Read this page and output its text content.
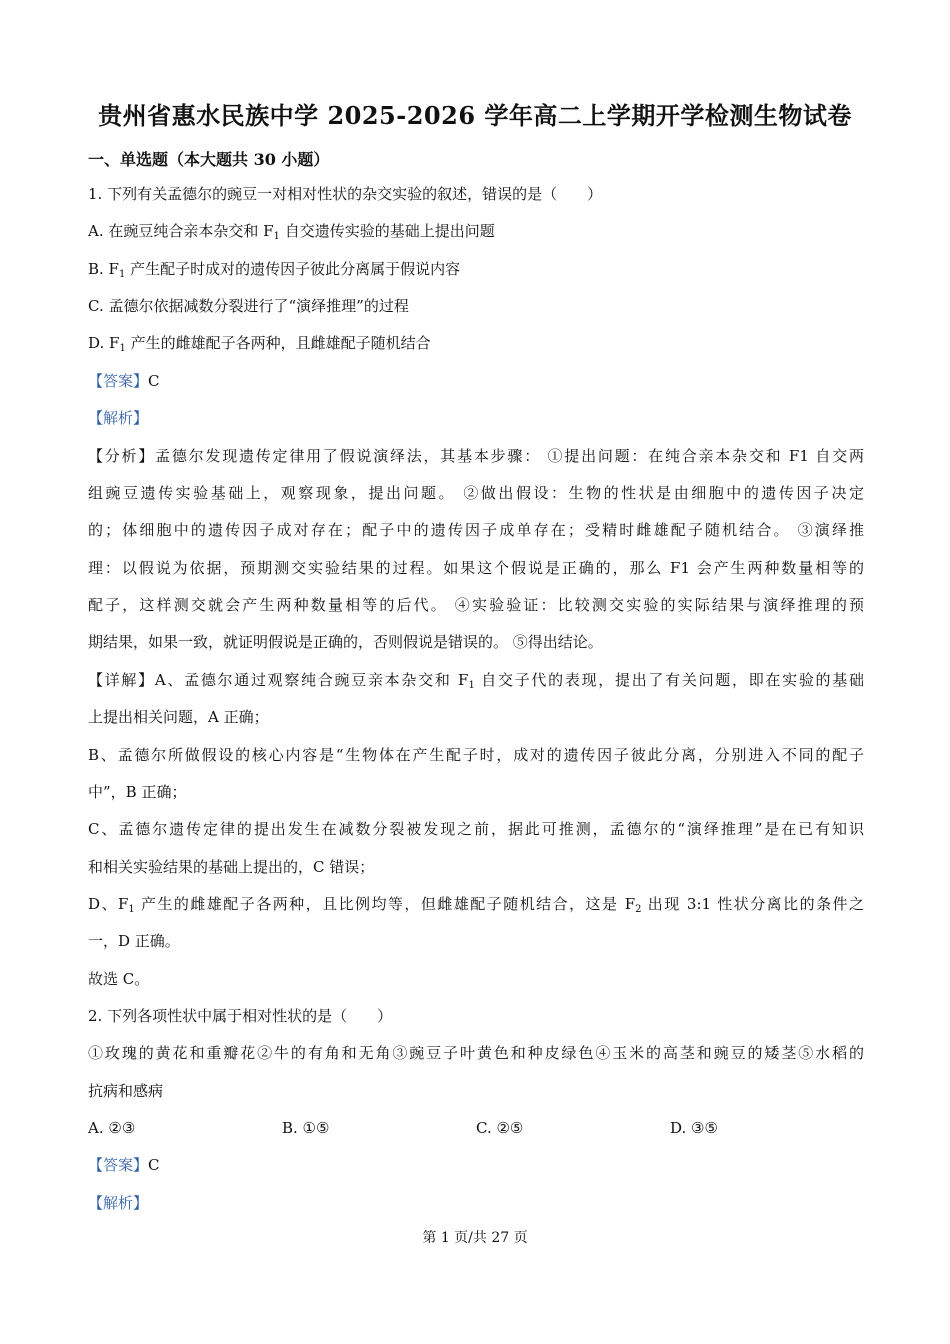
贵州省惠水民族中学 2025-2026 学年高二上学期开学检测生物试卷
一、单选题（本大题共 30 小题）
1. 下列有关孟德尔的豌豆一对相对性状的杂交实验的叙述，错误的是（　　）
A. 在豌豆纯合亲本杂交和 $F_1$ 自交遗传实验的基础上提出问题
B. $F_1$ 产生配子时成对的遗传因子彼此分离属于假说内容
C. 孟德尔依据减数分裂进行了“演绎推理”的过程
D. $F_1$ 产生的雌雄配子各两种，且雌雄配子随机结合
【答案】C
【解析】
【分析】孟德尔发现遗传定律用了假说演绎法，其基本步骤： ①提出问题：在纯合亲本杂交和 F1 自交两
组豌豆遗传实验基础上，观察现象，提出问题。 ②做出假设：生物的性状是由细胞中的遗传因子决定
的；体细胞中的遗传因子成对存在；配子中的遗传因子成单存在；受精时雌雄配子随机结合。 ③演绎推
理：以假说为依据，预期测交实验结果的过程。如果这个假说是正确的，那么 F1 会产生两种数量相等的
配子，这样测交就会产生两种数量相等的后代。 ④实验验证：比较测交实验的实际结果与演绎推理的预
期结果，如果一致，就证明假说是正确的，否则假说是错误的。 ⑤得出结论。
【详解】A、孟德尔通过观察纯合豌豆亲本杂交和 $F_1$ 自交子代的表现，提出了有关问题，即在实验的基础
上提出相关问题，A 正确；
B、孟德尔所做假设的核心内容是“生物体在产生配子时，成对的遗传因子彼此分离，分别进入不同的配子
中”，B 正确；
C、孟德尔遗传定律的提出发生在减数分裂被发现之前，据此可推测，孟德尔的“演绎推理”是在已有知识
和相关实验结果的基础上提出的，C 错误；
D、$F_1$ 产生的雌雄配子各两种，且比例均等，但雌雄配子随机结合，这是 $F_2$ 出现 3:1 性状分离比的条件之
一，D 正确。
故选 C。
2. 下列各项性状中属于相对性状的是（　　）
①玫瑰的黄花和重瓣花②牛的有角和无角③豌豆子叶黄色和种皮绿色④玉米的高茎和豌豆的矮茎⑤水稻的
抗病和感病
A. ②③	B. ①⑤	C. ②⑤	D. ③⑤
【答案】C
【解析】
第 1 页/共 27 页
